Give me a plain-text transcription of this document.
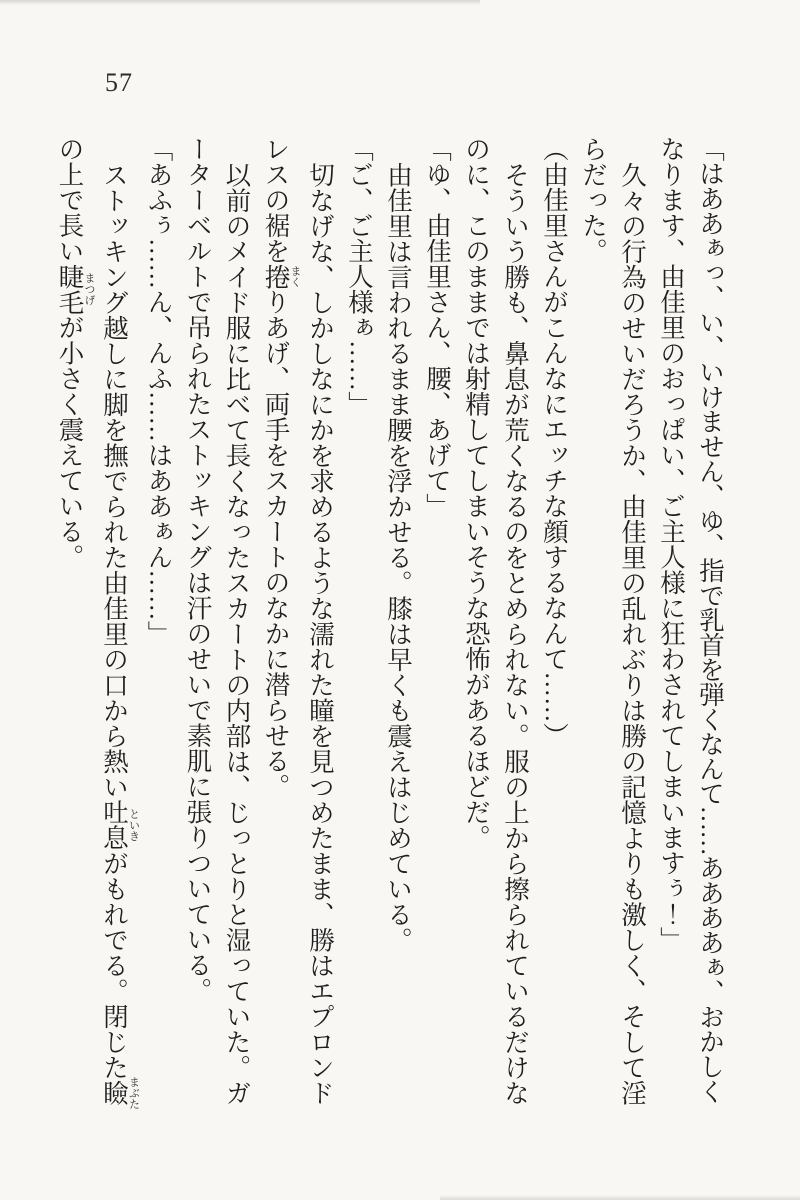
57
「はああぁっ、い、いけません、ゆ、指で乳首を弾くなんて……ああああぁ、おかしく
なります、由佳里のおっぱい、ご主人様に狂わされてしまいますぅ！」
久々の行為のせいだろうか、由佳里の乱れぶりは勝の記憶よりも激しく、そして淫
らだった。
（由佳里さんがこんなにエッチな顔するなんて……）
そういう勝も、鼻息が荒くなるのをとめられない。服の上から擦られているだけな
のに、このままでは射精してしまいそうな恐怖があるほどだ。
「ゆ、由佳里さん、腰、あげて」
由佳里は言われるまま腰を浮かせる。膝は早くも震えはじめている。
「ご、ご主人様ぁ……」
切なげな、しかしなにかを求めるような濡れた瞳を見つめたまま、勝はエプロンド
レスの裾を捲まくりあげ、両手をスカートのなかに潜らせる。
以前のメイド服に比べて長くなったスカートの内部は、じっとりと湿っていた。ガ
ーターベルトで吊られたストッキングは汗のせいで素肌に張りついている。
「あふぅ……ん、んふ……はああぁん……」
ストッキング越しに脚を撫でられた由佳里の口から熱い吐息といきがもれでる。閉じた瞼まぶた
の上で長い睫毛まつげが小さく震えている。
